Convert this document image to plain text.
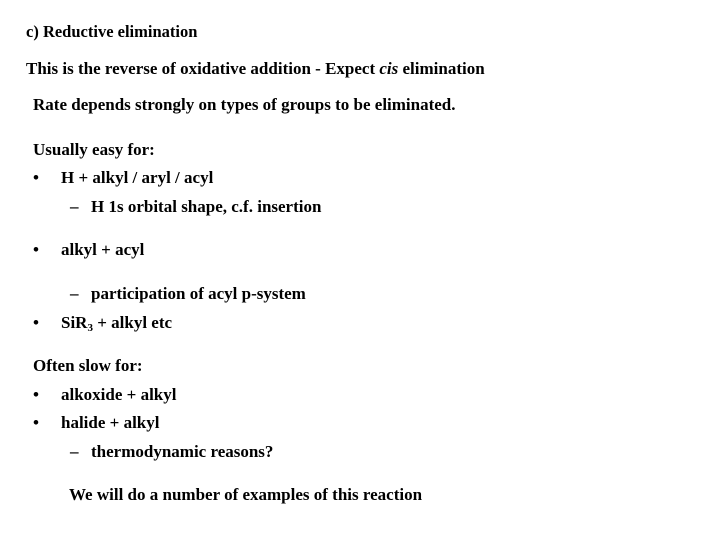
c) Reductive elimination
This is the reverse of oxidative addition - Expect cis elimination
Rate depends strongly on types of groups to be eliminated.
Usually easy for:
• H + alkyl / aryl / acyl
– H 1s orbital shape, c.f. insertion
• alkyl + acyl
– participation of acyl p-system
• SiR$_3$ + alkyl etc
Often slow for:
• alkoxide + alkyl
• halide + alkyl
– thermodynamic reasons?
We will do a number of examples of this reaction
